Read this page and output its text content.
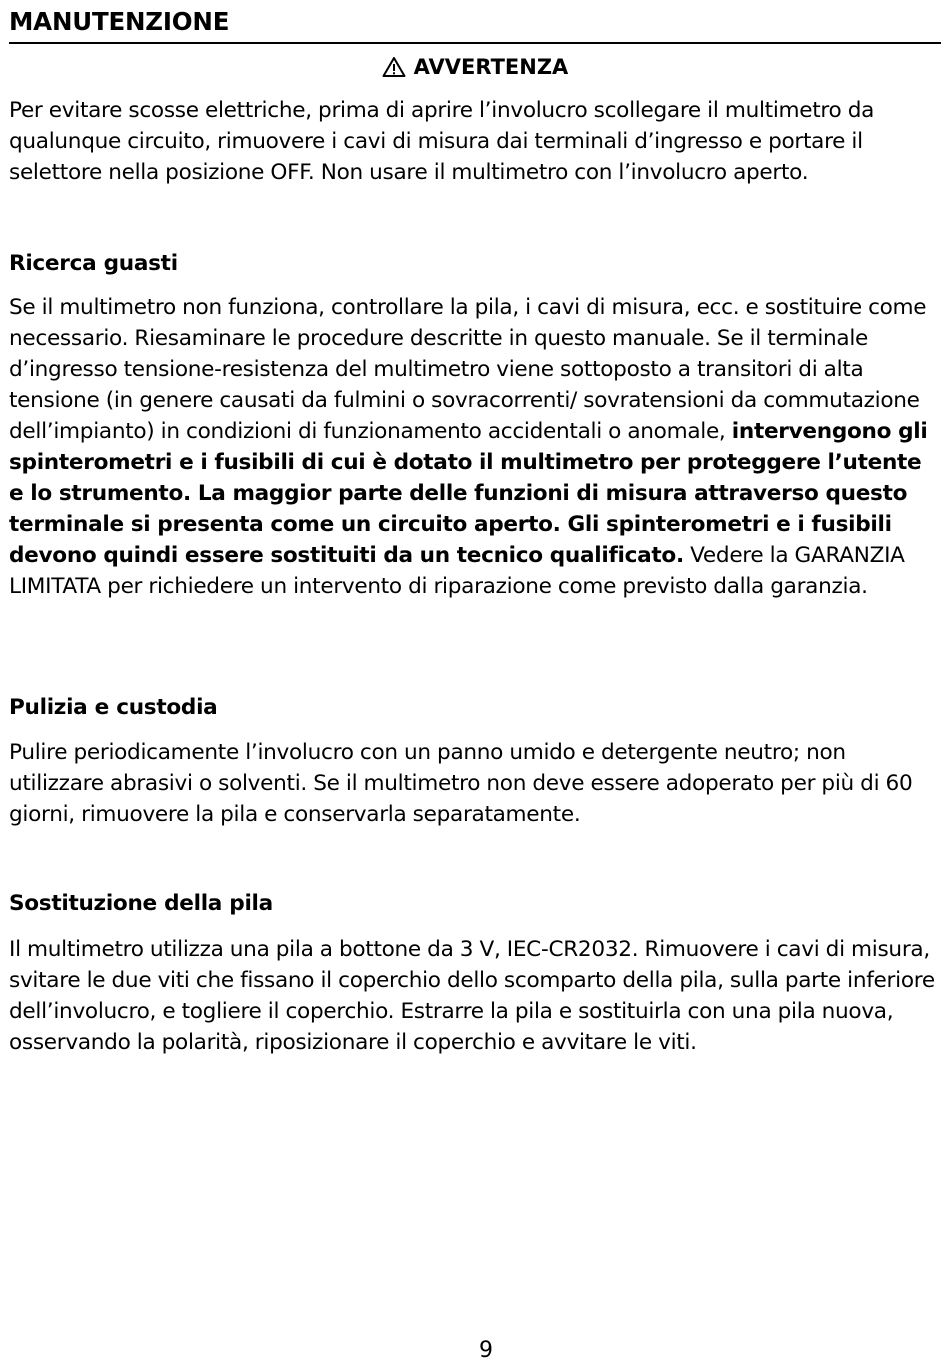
MANUTENZIONE
AVVERTENZA

Per evitare scosse elettriche, prima di aprire l’involucro scollegare il multimetro da qualunque circuito, rimuovere i cavi di misura dai terminali d’ingresso e portare il selettore nella posizione OFF. Non usare il multimetro con l’involucro aperto.

Ricerca guasti

Se il multimetro non funziona, controllare la pila, i cavi di misura, ecc. e sostituire come necessario. Riesaminare le procedure descritte in questo manuale. Se il terminale d’ingresso tensione-resistenza del multimetro viene sottoposto a transitori di alta tensione (in genere causati da fulmini o sovracorrenti/ sovratensioni da commutazione dell’impianto) in condizioni di funzionamento accidentali o anomale, intervengono gli spinterometri e i fusibili di cui è dotato il multimetro per proteggere l’utente e lo strumento. La maggior parte delle funzioni di misura attraverso questo terminale si presenta come un circuito aperto. Gli spinterometri e i fusibili devono quindi essere sostituiti da un tecnico qualificato. Vedere la GARANZIA LIMITATA per richiedere un intervento di riparazione come previsto dalla garanzia.

Pulizia e custodia

Pulire periodicamente l’involucro con un panno umido e detergente neutro; non utilizzare abrasivi o solventi. Se il multimetro non deve essere adoperato per più di 60 giorni, rimuovere la pila e conservarla separatamente.

Sostituzione della pila

Il multimetro utilizza una pila a bottone da 3 V, IEC-CR2032. Rimuovere i cavi di misura, svitare le due viti che fissano il coperchio dello scomparto della pila, sulla parte inferiore dell’involucro, e togliere il coperchio. Estrarre la pila e sostituirla con una pila nuova, osservando la polarità, riposizionare il coperchio e avvitare le viti.

9
